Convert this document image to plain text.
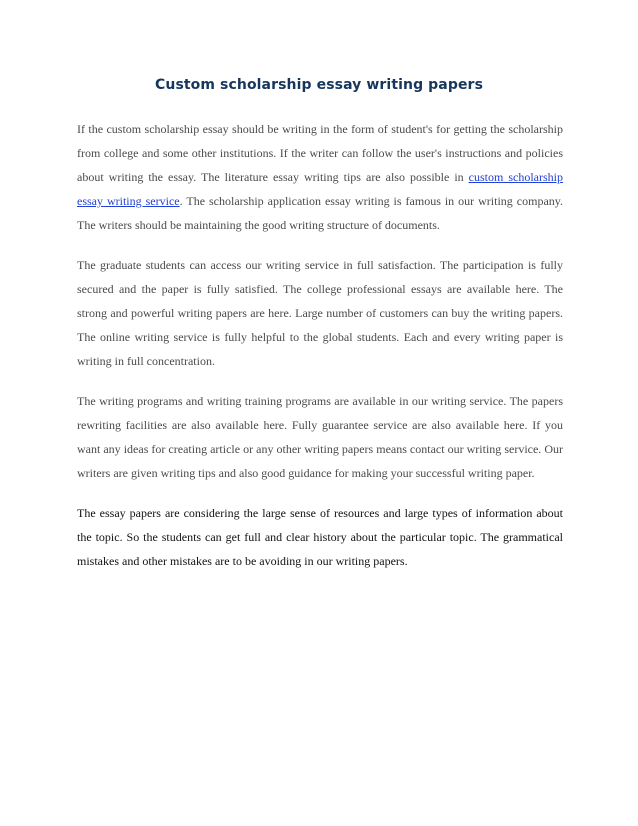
Custom scholarship essay writing papers

If the custom scholarship essay should be writing in the form of student's for getting the scholarship from college and some other institutions. If the writer can follow the user's instructions and policies about writing the essay. The literature essay writing tips are also possible in custom scholarship essay writing service. The scholarship application essay writing is famous in our writing company. The writers should be maintaining the good writing structure of documents.

The graduate students can access our writing service in full satisfaction. The participation is fully secured and the paper is fully satisfied. The college professional essays are available here. The strong and powerful writing papers are here. Large number of customers can buy the writing papers. The online writing service is fully helpful to the global students. Each and every writing paper is writing in full concentration.

The writing programs and writing training programs are available in our writing service. The papers rewriting facilities are also available here. Fully guarantee service are also available here. If you want any ideas for creating article or any other writing papers means contact our writing service. Our writers are given writing tips and also good guidance for making your successful writing paper.

The essay papers are considering the large sense of resources and large types of information about the topic. So the students can get full and clear history about the particular topic. The grammatical mistakes and other mistakes are to be avoiding in our writing papers.
